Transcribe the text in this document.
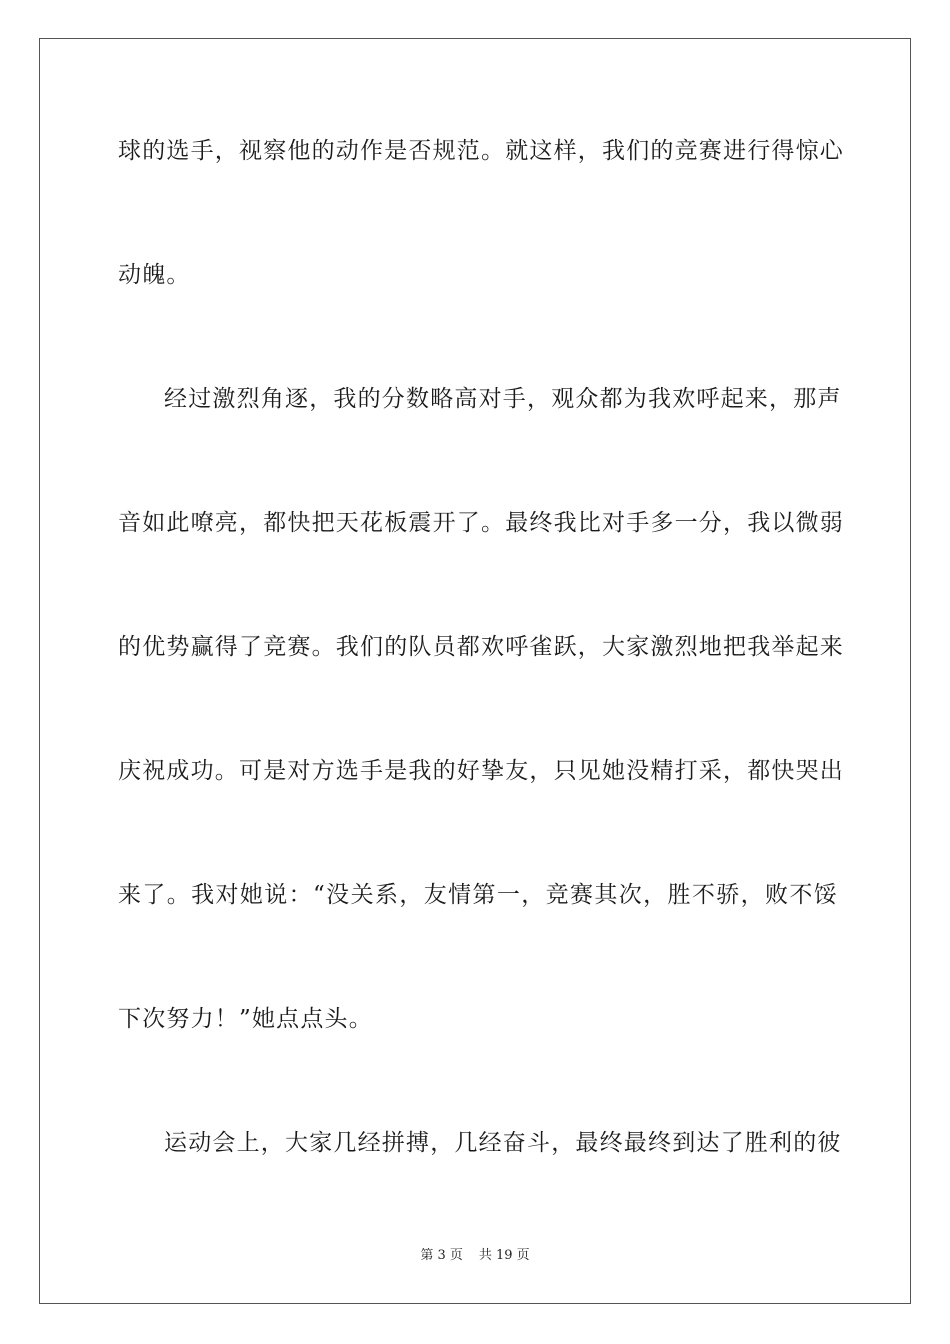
球的选手，视察他的动作是否规范。就这样，我们的竞赛进行得惊心
动魄。
经过激烈角逐，我的分数略高对手，观众都为我欢呼起来，那声
音如此嘹亮，都快把天花板震开了。最终我比对手多一分，我以微弱
的优势赢得了竞赛。我们的队员都欢呼雀跃，大家激烈地把我举起来
庆祝成功。可是对方选手是我的好挚友，只见她没精打采，都快哭出
来了。我对她说：“没关系，友情第一，竞赛其次，胜不骄，败不馁
下次努力！”她点点头。
运动会上，大家几经拼搏，几经奋斗，最终最终到达了胜利的彼
第 3 页 共 19 页
